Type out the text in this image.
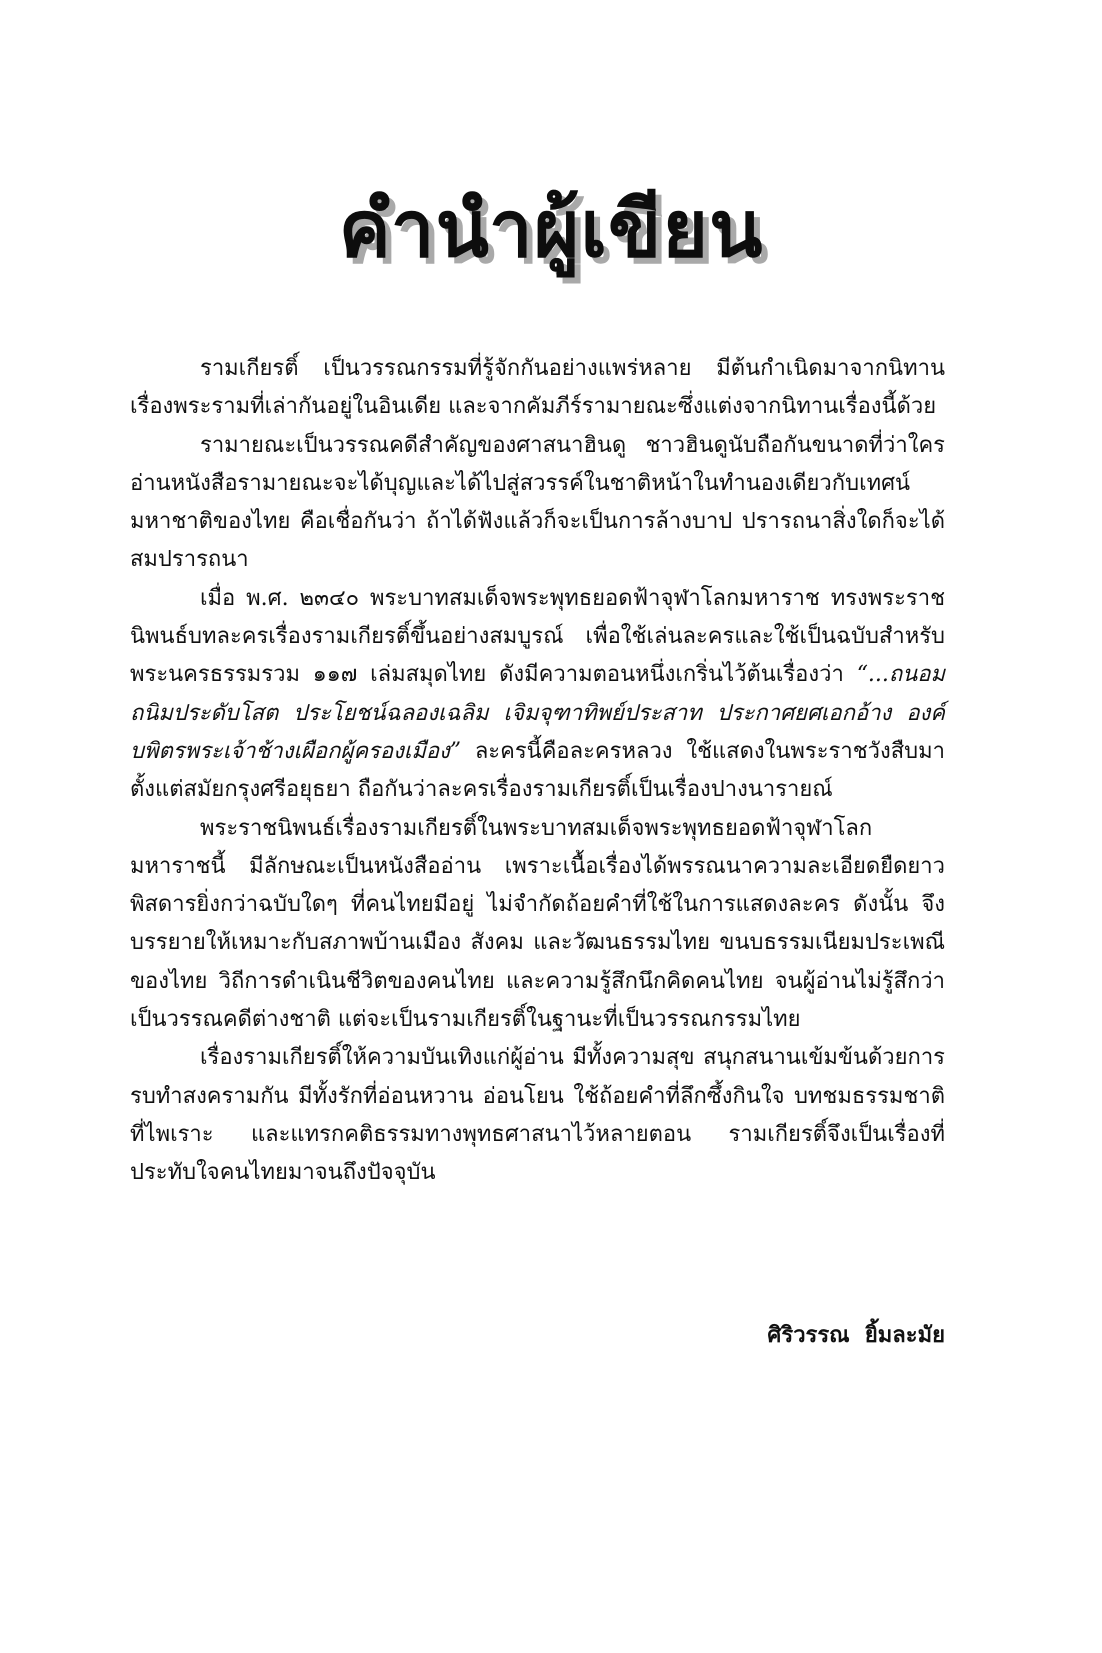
คำนำผู้เขียน

รามเกียรติ์ เป็นวรรณกรรมที่รู้จักกันอย่างแพร่หลาย มีต้นกำเนิดมาจากนิทานเรื่องพระรามที่เล่ากันอยู่ในอินเดีย และจากคัมภีร์รามายณะซึ่งแต่งจากนิทานเรื่องนี้ด้วย

รามายณะเป็นวรรณคดีสำคัญของศาสนาฮินดู ชาวฮินดูนับถือกันขนาดที่ว่าใครอ่านหนังสือรามายณะจะได้บุญและได้ไปสู่สวรรค์ในชาติหน้าในทำนองเดียวกับเทศน์มหาชาติของไทย คือเชื่อกันว่า ถ้าได้ฟังแล้วก็จะเป็นการล้างบาป ปรารถนาสิ่งใดก็จะได้สมปรารถนา

เมื่อ พ.ศ. ๒๓๔๐ พระบาทสมเด็จพระพุทธยอดฟ้าจุฬาโลกมหาราช ทรงพระราชนิพนธ์บทละครเรื่องรามเกียรติ์ขึ้นอย่างสมบูรณ์ เพื่อใช้เล่นละครและใช้เป็นฉบับสำหรับพระนครธรรมรวม ๑๑๗ เล่มสมุดไทย ดังมีความตอนหนึ่งเกริ่นไว้ต้นเรื่องว่า “...ถนอมถนิมประดับโสต ประโยชน์ฉลองเฉลิม เจิมจุฑาทิพย์ประสาท ประกาศยศเอกอ้าง องค์บพิตรพระเจ้าช้างเผือกผู้ครองเมือง” ละครนี้คือละครหลวง ใช้แสดงในพระราชวังสืบมาตั้งแต่สมัยกรุงศรีอยุธยา ถือกันว่าละครเรื่องรามเกียรติ์เป็นเรื่องปางนารายณ์

พระราชนิพนธ์เรื่องรามเกียรติ์ในพระบาทสมเด็จพระพุทธยอดฟ้าจุฬาโลกมหาราชนี้ มีลักษณะเป็นหนังสืออ่าน เพราะเนื้อเรื่องได้พรรณนาความละเอียดยืดยาวพิสดารยิ่งกว่าฉบับใดๆ ที่คนไทยมีอยู่ ไม่จำกัดถ้อยคำที่ใช้ในการแสดงละคร ดังนั้น จึงบรรยายให้เหมาะกับสภาพบ้านเมือง สังคม และวัฒนธรรมไทย ขนบธรรมเนียมประเพณีของไทย วิถีการดำเนินชีวิตของคนไทย และความรู้สึกนึกคิดคนไทย จนผู้อ่านไม่รู้สึกว่าเป็นวรรณคดีต่างชาติ แต่จะเป็นรามเกียรติ์ในฐานะที่เป็นวรรณกรรมไทย

เรื่องรามเกียรติ์ให้ความบันเทิงแก่ผู้อ่าน มีทั้งความสุข สนุกสนานเข้มข้นด้วยการรบทำสงครามกัน มีทั้งรักที่อ่อนหวาน อ่อนโยน ใช้ถ้อยคำที่ลึกซึ้งกินใจ บทชมธรรมชาติที่ไพเราะ และแทรกคติธรรมทางพุทธศาสนาไว้หลายตอน รามเกียรติ์จึงเป็นเรื่องที่ประทับใจคนไทยมาจนถึงปัจจุบัน

ศิริวรรณ  ยิ้มละมัย
